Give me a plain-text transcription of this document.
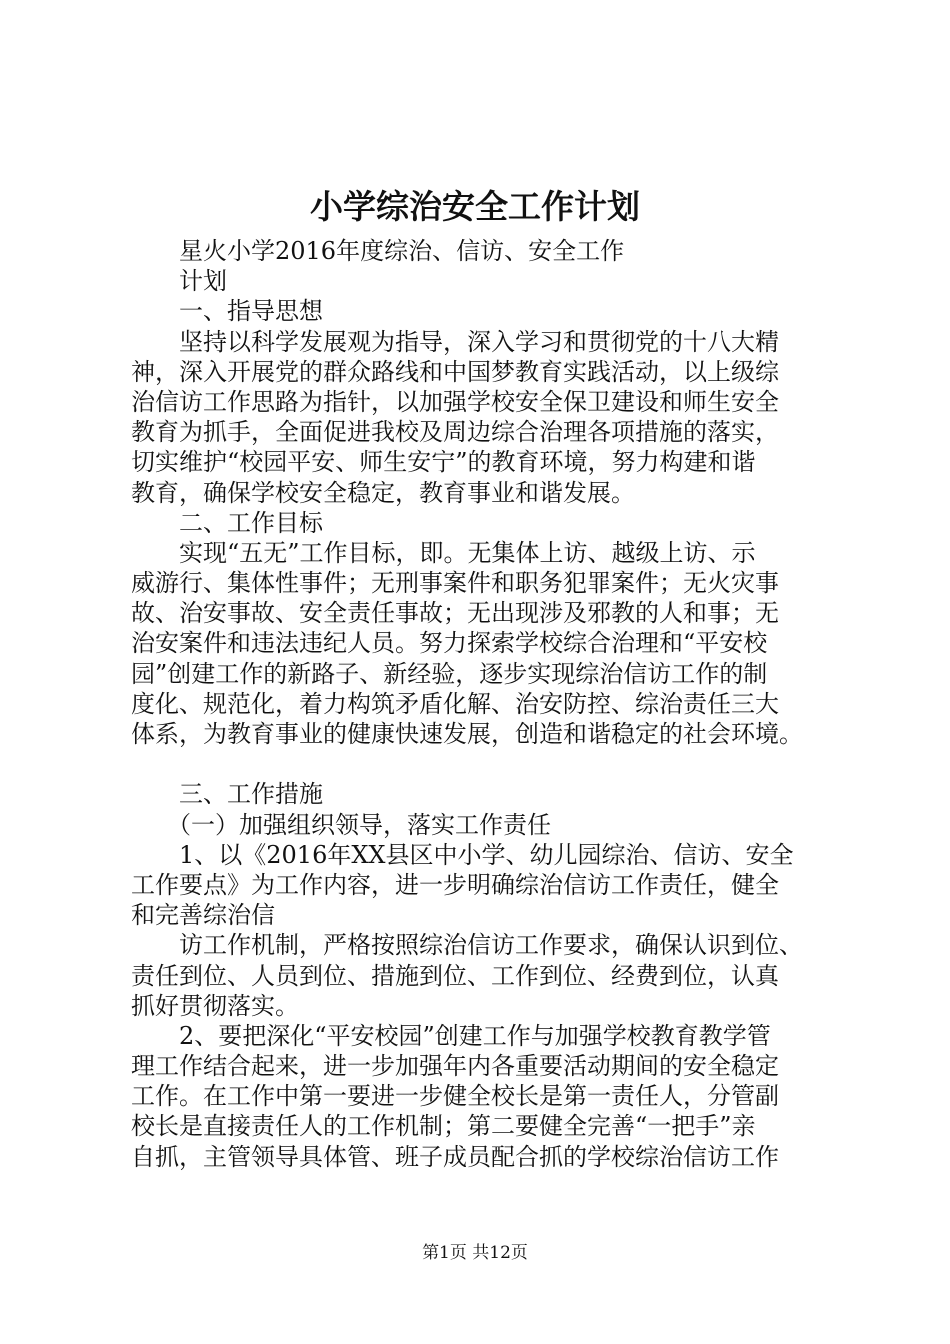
小学综治安全工作计划
星火小学2016年度综治、信访、安全工作
计划
一、指导思想
坚持以科学发展观为指导，深入学习和贯彻党的十八大精
神，深入开展党的群众路线和中国梦教育实践活动，以上级综
治信访工作思路为指针，以加强学校安全保卫建设和师生安全
教育为抓手，全面促进我校及周边综合治理各项措施的落实，
切实维护“校园平安、师生安宁”的教育环境，努力构建和谐
教育，确保学校安全稳定，教育事业和谐发展。
二、工作目标
实现“五无”工作目标，即。无集体上访、越级上访、示
威游行、集体性事件；无刑事案件和职务犯罪案件；无火灾事
故、治安事故、安全责任事故；无出现涉及邪教的人和事；无
治安案件和违法违纪人员。努力探索学校综合治理和“平安校
园”创建工作的新路子、新经验，逐步实现综治信访工作的制
度化、规范化，着力构筑矛盾化解、治安防控、综治责任三大
体系，为教育事业的健康快速发展，创造和谐稳定的社会环境。
三、工作措施
（一）加强组织领导，落实工作责任
1、以《2016年XX县区中小学、幼儿园综治、信访、安全
工作要点》为工作内容，进一步明确综治信访工作责任，健全
和完善综治信
访工作机制，严格按照综治信访工作要求，确保认识到位、
责任到位、人员到位、措施到位、工作到位、经费到位，认真
抓好贯彻落实。
2、要把深化“平安校园”创建工作与加强学校教育教学管
理工作结合起来，进一步加强年内各重要活动期间的安全稳定
工作。在工作中第一要进一步健全校长是第一责任人，分管副
校长是直接责任人的工作机制；第二要健全完善“一把手”亲
自抓，主管领导具体管、班子成员配合抓的学校综治信访工作
第1页 共12页
